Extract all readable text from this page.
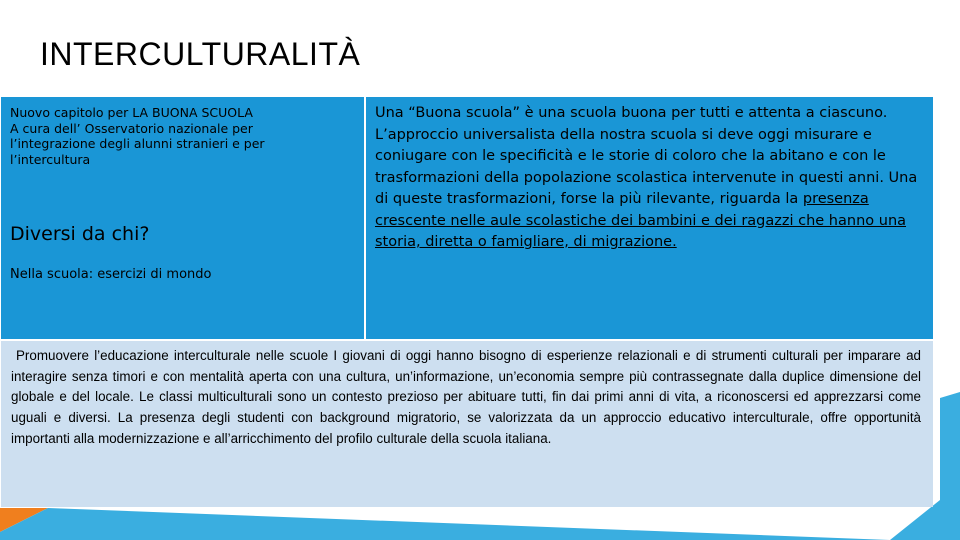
INTERCULTURALITÀ
Nuovo capitolo per LA BUONA SCUOLA
A cura dell’ Osservatorio nazionale per
l’integrazione degli alunni stranieri e per
l’intercultura
Diversi da chi?
Nella scuola: esercizi di mondo
Una “Buona scuola” è una scuola buona per tutti e attenta a ciascuno. L’approccio universalista della nostra scuola si deve oggi misurare e coniugare con le specificità e le storie di coloro che la abitano e con le trasformazioni della popolazione scolastica intervenute in questi anni. Una di queste trasformazioni, forse la più rilevante, riguarda la presenza crescente nelle aule scolastiche dei bambini e dei ragazzi che hanno una storia, diretta o famigliare, di migrazione.
Promuovere l’educazione interculturale nelle scuole I giovani di oggi hanno bisogno di esperienze relazionali e di strumenti culturali per imparare ad interagire senza timori e con mentalità aperta con una cultura, un’informazione, un’economia sempre più contrassegnate dalla duplice dimensione del globale e del locale. Le classi multiculturali sono un contesto prezioso per abituare tutti, fin dai primi anni di vita, a riconoscersi ed apprezzarsi come uguali e diversi. La presenza degli studenti con background migratorio, se valorizzata da un approccio educativo interculturale, offre opportunità importanti alla modernizzazione e all’arricchimento del profilo culturale della scuola italiana.
